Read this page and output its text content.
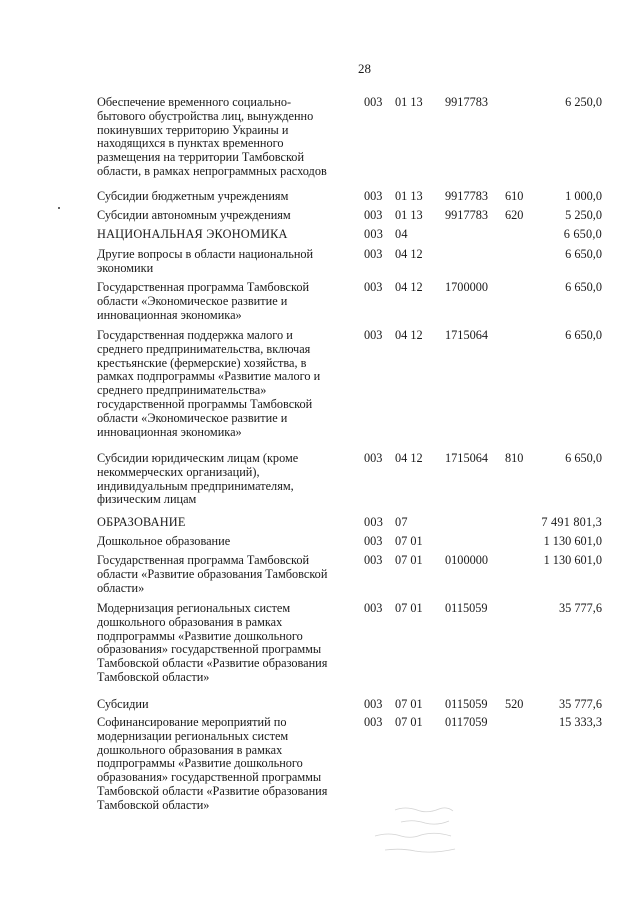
28
Обеспечение временного социально-
бытового обустройства лиц, вынужденно
покинувших территорию Украины и
находящихся в пунктах временного
размещения на территории Тамбовской
области, в рамках непрограммных расходов
003 01 13 9917783	6 250,0
Субсидии бюджетным учреждениям	003 01 13 9917783 610	1 000,0
Субсидии автономным учреждениям	003 01 13 9917783 620	5 250,0
НАЦИОНАЛЬНАЯ ЭКОНОМИКА	003 04	6 650,0
Другие вопросы в области национальной
экономики
003 04 12	6 650,0
Государственная программа Тамбовской
области «Экономическое развитие и
инновационная экономика»
003 04 12 1700000	6 650,0
Государственная поддержка малого и
среднего предпринимательства, включая
крестьянские (фермерские) хозяйства, в
рамках подпрограммы «Развитие малого и
среднего предпринимательства»
государственной программы Тамбовской
области «Экономическое развитие и
инновационная экономика»
003 04 12 1715064	6 650,0
Субсидии юридическим лицам (кроме
некоммерческих организаций),
индивидуальным предпринимателям,
физическим лицам
003 04 12 1715064 810	6 650,0
ОБРАЗОВАНИЕ	003 07	7 491 801,3
Дошкольное образование	003 07 01	1 130 601,0
Государственная программа Тамбовской
области «Развитие образования Тамбовской
области»
003 07 01 0100000	1 130 601,0
Модернизация региональных систем
дошкольного образования в рамках
подпрограммы «Развитие дошкольного
образования» государственной программы
Тамбовской области «Развитие образования
Тамбовской области»
003 07 01 0115059	35 777,6
Субсидии	003 07 01 0115059 520	35 777,6
Софинансирование мероприятий по
модернизации региональных систем
дошкольного образования в рамках
подпрограммы «Развитие дошкольного
образования» государственной программы
Тамбовской области «Развитие образования
Тамбовской области»
003 07 01 0117059	15 333,3
